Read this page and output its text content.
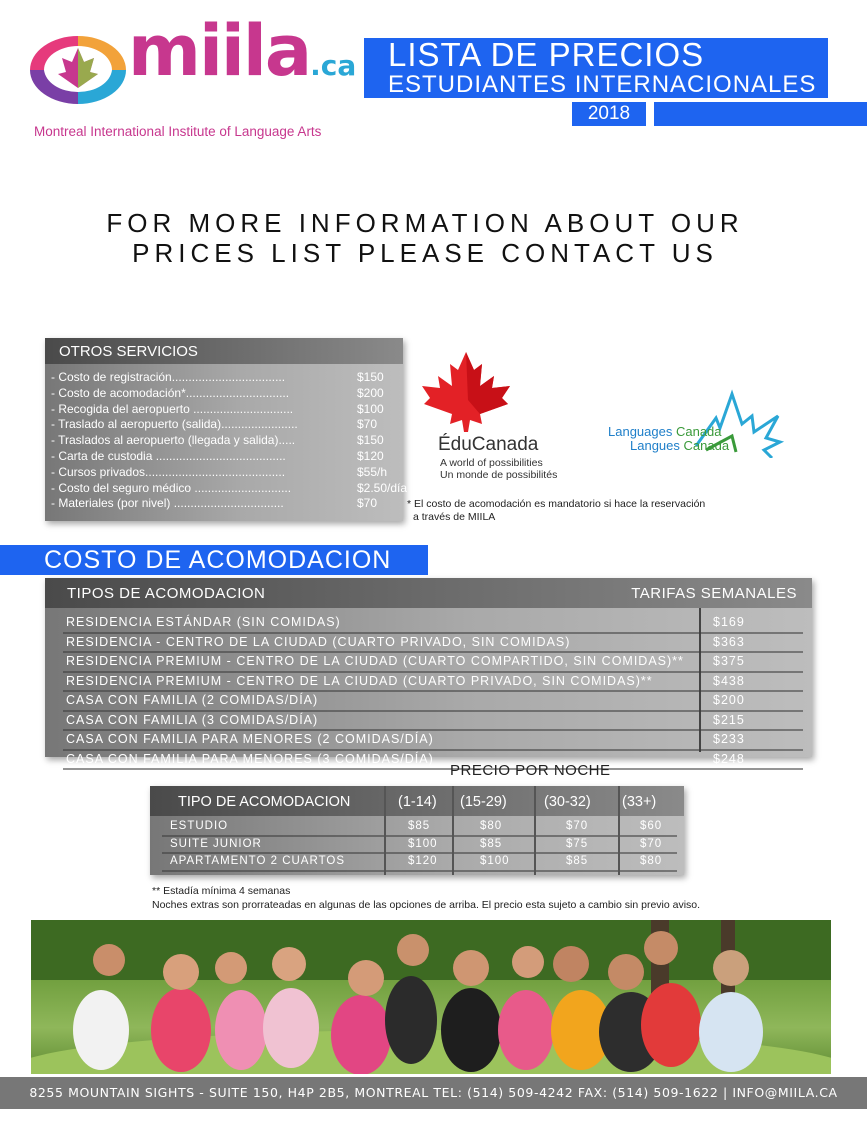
miila.ca
Montreal International Institute of Language Arts
LISTA DE PRECIOS
ESTUDIANTES INTERNACIONALES
2018
FOR MORE INFORMATION ABOUT OUR
PRICES LIST PLEASE CONTACT US
OTROS SERVICIOS
- Costo de registración..................................	$150
- Costo de acomodación*...............................	$200
- Recogida del aeropuerto ..............................	$100
- Traslado al aeropuerto (salida).......................	$70
- Traslados al aeropuerto (llegada y salida).....	$150
- Carta de custodia .......................................	$120
- Cursos privados..........................................	$55/h
- Costo del seguro médico .............................	$2.50/día
- Materiales (por nivel) .................................	$70
ÉduCanada
A world of possibilities
Un monde de possibilités
Languages Canada
Langues Canada
* El costo de acomodación es mandatorio si hace la reservación
a través de MIILA
COSTO DE ACOMODACION
TIPOS DE ACOMODACION	TARIFAS SEMANALES
RESIDENCIA ESTÁNDAR (SIN COMIDAS)	$169
RESIDENCIA - CENTRO DE LA CIUDAD (CUARTO PRIVADO, SIN COMIDAS)	$363
RESIDENCIA PREMIUM - CENTRO DE LA CIUDAD (CUARTO COMPARTIDO, SIN COMIDAS)** $375
RESIDENCIA PREMIUM - CENTRO DE LA CIUDAD (CUARTO PRIVADO, SIN COMIDAS)**	$438
CASA CON FAMILIA (2 COMIDAS/DÍA)	$200
CASA CON FAMILIA (3 COMIDAS/DÍA)	$215
CASA CON FAMILIA PARA MENORES (2 COMIDAS/DÍA)	$233
CASA CON FAMILIA PARA MENORES (3 COMIDAS/DÍA)	$248
PRECIO POR NOCHE
TIPO DE ACOMODACION	(1-14) (15-29)	(30-32) (33+)
ESTUDIO	$85	$80	$70	$60
SUITE JUNIOR	$100	$85	$75	$70
APARTAMENTO 2 CUARTOS	$120	$100	$85	$80
** Estadía mínima 4 semanas
Noches extras son prorrateadas en algunas de las opciones de arriba. El precio esta sujeto a cambio sin previo aviso.
8255 MOUNTAIN SIGHTS - SUITE 150, H4P 2B5, MONTREAL TEL: (514) 509-4242 FAX: (514) 509-1622 | INFO@MIILA.CA
